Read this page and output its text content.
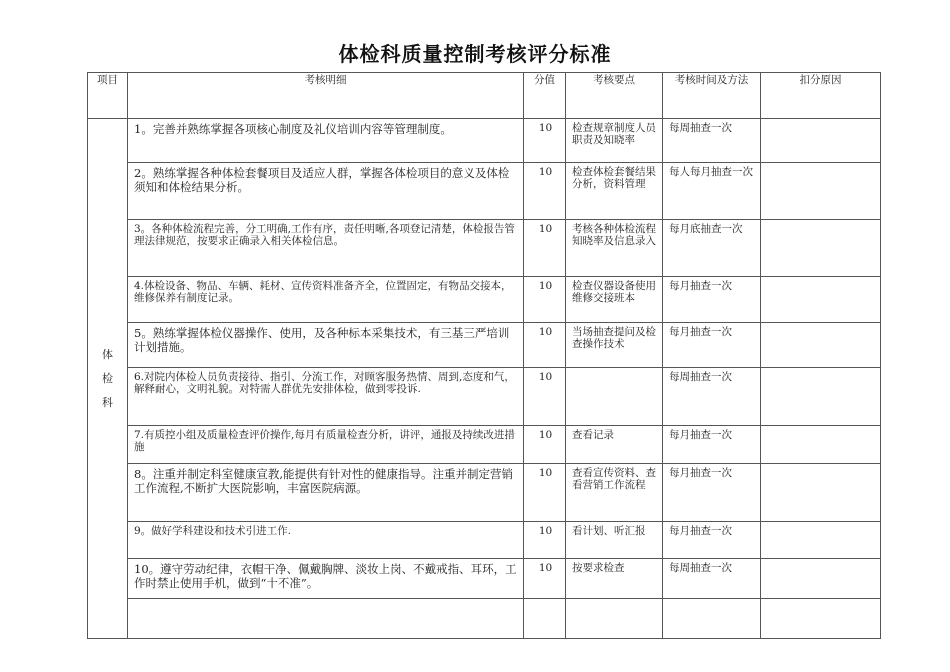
体检科质量控制考核评分标准
项目	考核明细	分值	考核要点	考核时间及方法	扣分原因

体检科	1。完善并熟练掌握各项核心制度及礼仪培训内容等管理制度。	10	检查规章制度人员职责及知晓率	每周抽查一次	
	2。熟练掌握各种体检套餐项目及适应人群，掌握各体检项目的意义及体检须知和体检结果分析。	10	检查体检套餐结果分析，资料管理	每人每月抽查一次	
	3。各种体检流程完善，分工明确,工作有序，责任明晰,各项登记清楚，体检报告管理法律规范，按要求正确录入相关体检信息。	10	考核各种体检流程知晓率及信息录入	每月底抽查一次	
	4.体检设备、物品、车辆、耗材、宣传资料准备齐全，位置固定，有物品交接本，　　　维修保养有制度记录。	10	检查仪器设备使用维修交接班本	每月抽查一次	
	5。熟练掌握体检仪器操作、使用，及各种标本采集技术，有三基三严培训计划措施。	10	当场抽查提问及检查操作技术	每月抽查一次	
	6.对院内体检人员负责接待、指引、分流工作，对顾客服务热情、周到,态度和气，解释耐心，文明礼貌。对特需人群优先安排体检，做到零投诉.	10		每周抽查一次	
	7.有质控小组及质量检查评价操作,每月有质量检查分析，讲评，通报及持续改进措施	10	查看记录	每月抽查一次	
	8。注重并制定科室健康宣教,能提供有针对性的健康指导。注重并制定营销工作流程,不断扩大医院影响，丰富医院病源。	10	查看宣传资料、查看营销工作流程	每月抽查一次	
	9。做好学科建设和技术引进工作.	10	看计划、听汇报	每月抽查一次	
	10。遵守劳动纪律，衣帽干净、佩戴胸牌、淡妆上岗、不戴戒指、耳环，工作时禁止使用手机，做到“十不准”。	10	按要求检查	每周抽查一次	
